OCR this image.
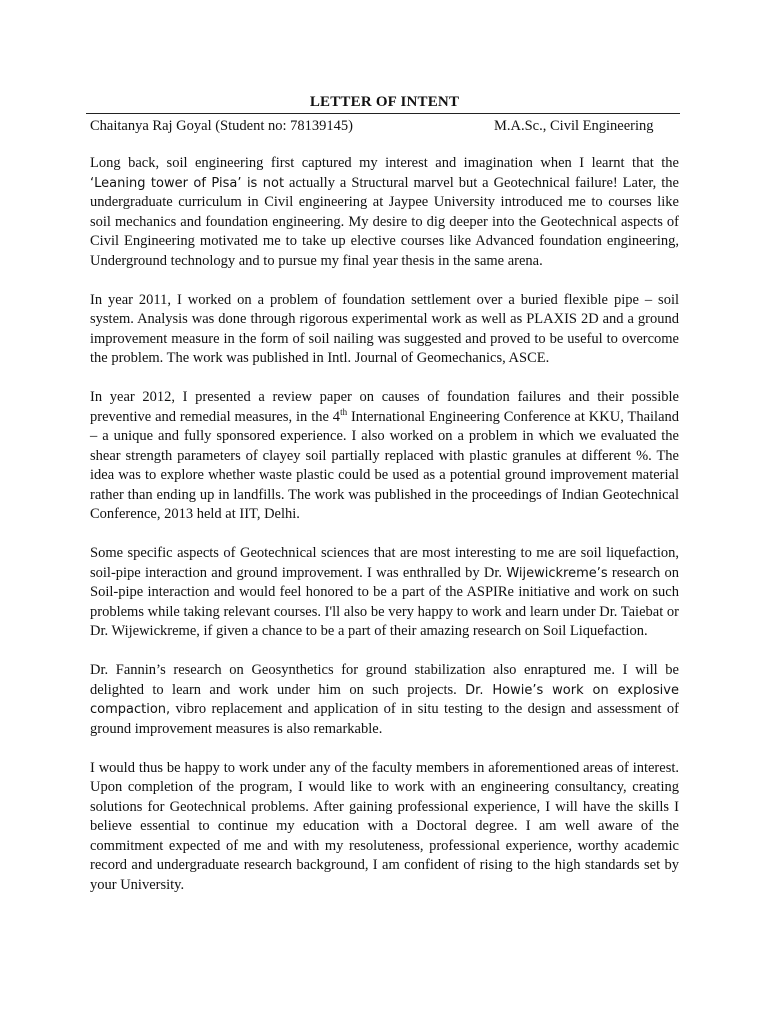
LETTER OF INTENT
Chaitanya Raj Goyal (Student no: 78139145)	M.A.Sc., Civil Engineering

Long back, soil engineering first captured my interest and imagination when I learnt that the ‘Leaning tower of Pisa’ is not actually a Structural marvel but a Geotechnical failure! Later, the undergraduate curriculum in Civil engineering at Jaypee University introduced me to courses like soil mechanics and foundation engineering. My desire to dig deeper into the Geotechnical aspects of Civil Engineering motivated me to take up elective courses like Advanced foundation engineering, Underground technology and to pursue my final year thesis in the same arena.

In year 2011, I worked on a problem of foundation settlement over a buried flexible pipe – soil system. Analysis was done through rigorous experimental work as well as PLAXIS 2D and a ground improvement measure in the form of soil nailing was suggested and proved to be useful to overcome the problem. The work was published in Intl. Journal of Geomechanics, ASCE.

In year 2012, I presented a review paper on causes of foundation failures and their possible preventive and remedial measures, in the 4th International Engineering Conference at KKU, Thailand – a unique and fully sponsored experience. I also worked on a problem in which we evaluated the shear strength parameters of clayey soil partially replaced with plastic granules at different %. The idea was to explore whether waste plastic could be used as a potential ground improvement material rather than ending up in landfills. The work was published in the proceedings of Indian Geotechnical Conference, 2013 held at IIT, Delhi.

Some specific aspects of Geotechnical sciences that are most interesting to me are soil liquefaction, soil-pipe interaction and ground improvement. I was enthralled by Dr. Wijewickreme’s research on Soil-pipe interaction and would feel honored to be a part of the ASPIRe initiative and work on such problems while taking relevant courses. I'll also be very happy to work and learn under Dr. Taiebat or Dr. Wijewickreme, if given a chance to be a part of their amazing research on Soil Liquefaction.

Dr. Fannin’s research on Geosynthetics for ground stabilization also enraptured me. I will be delighted to learn and work under him on such projects. Dr. Howie’s work on explosive compaction, vibro replacement and application of in situ testing to the design and assessment of ground improvement measures is also remarkable.

I would thus be happy to work under any of the faculty members in aforementioned areas of interest. Upon completion of the program, I would like to work with an engineering consultancy, creating solutions for Geotechnical problems. After gaining professional experience, I will have the skills I believe essential to continue my education with a Doctoral degree. I am well aware of the commitment expected of me and with my resoluteness, professional experience, worthy academic record and undergraduate research background, I am confident of rising to the high standards set by your University.
